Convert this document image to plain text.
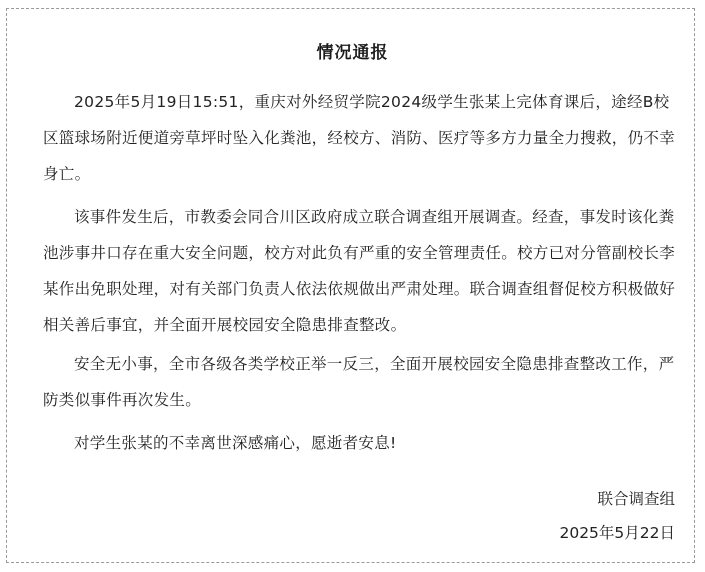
情况通报

2025年5月19日15:51，重庆对外经贸学院2024级学生张某上完体育课后，途经B校区篮球场附近便道旁草坪时坠入化粪池，经校方、消防、医疗等多方力量全力搜救，仍不幸身亡。

该事件发生后，市教委会同合川区政府成立联合调查组开展调查。经查，事发时该化粪池涉事井口存在重大安全问题，校方对此负有严重的安全管理责任。校方已对分管副校长李某作出免职处理，对有关部门负责人依法依规做出严肃处理。联合调查组督促校方积极做好相关善后事宜，并全面开展校园安全隐患排查整改。

安全无小事，全市各级各类学校正举一反三，全面开展校园安全隐患排查整改工作，严防类似事件再次发生。

对学生张某的不幸离世深感痛心，愿逝者安息!

联合调查组

2025年5月22日
